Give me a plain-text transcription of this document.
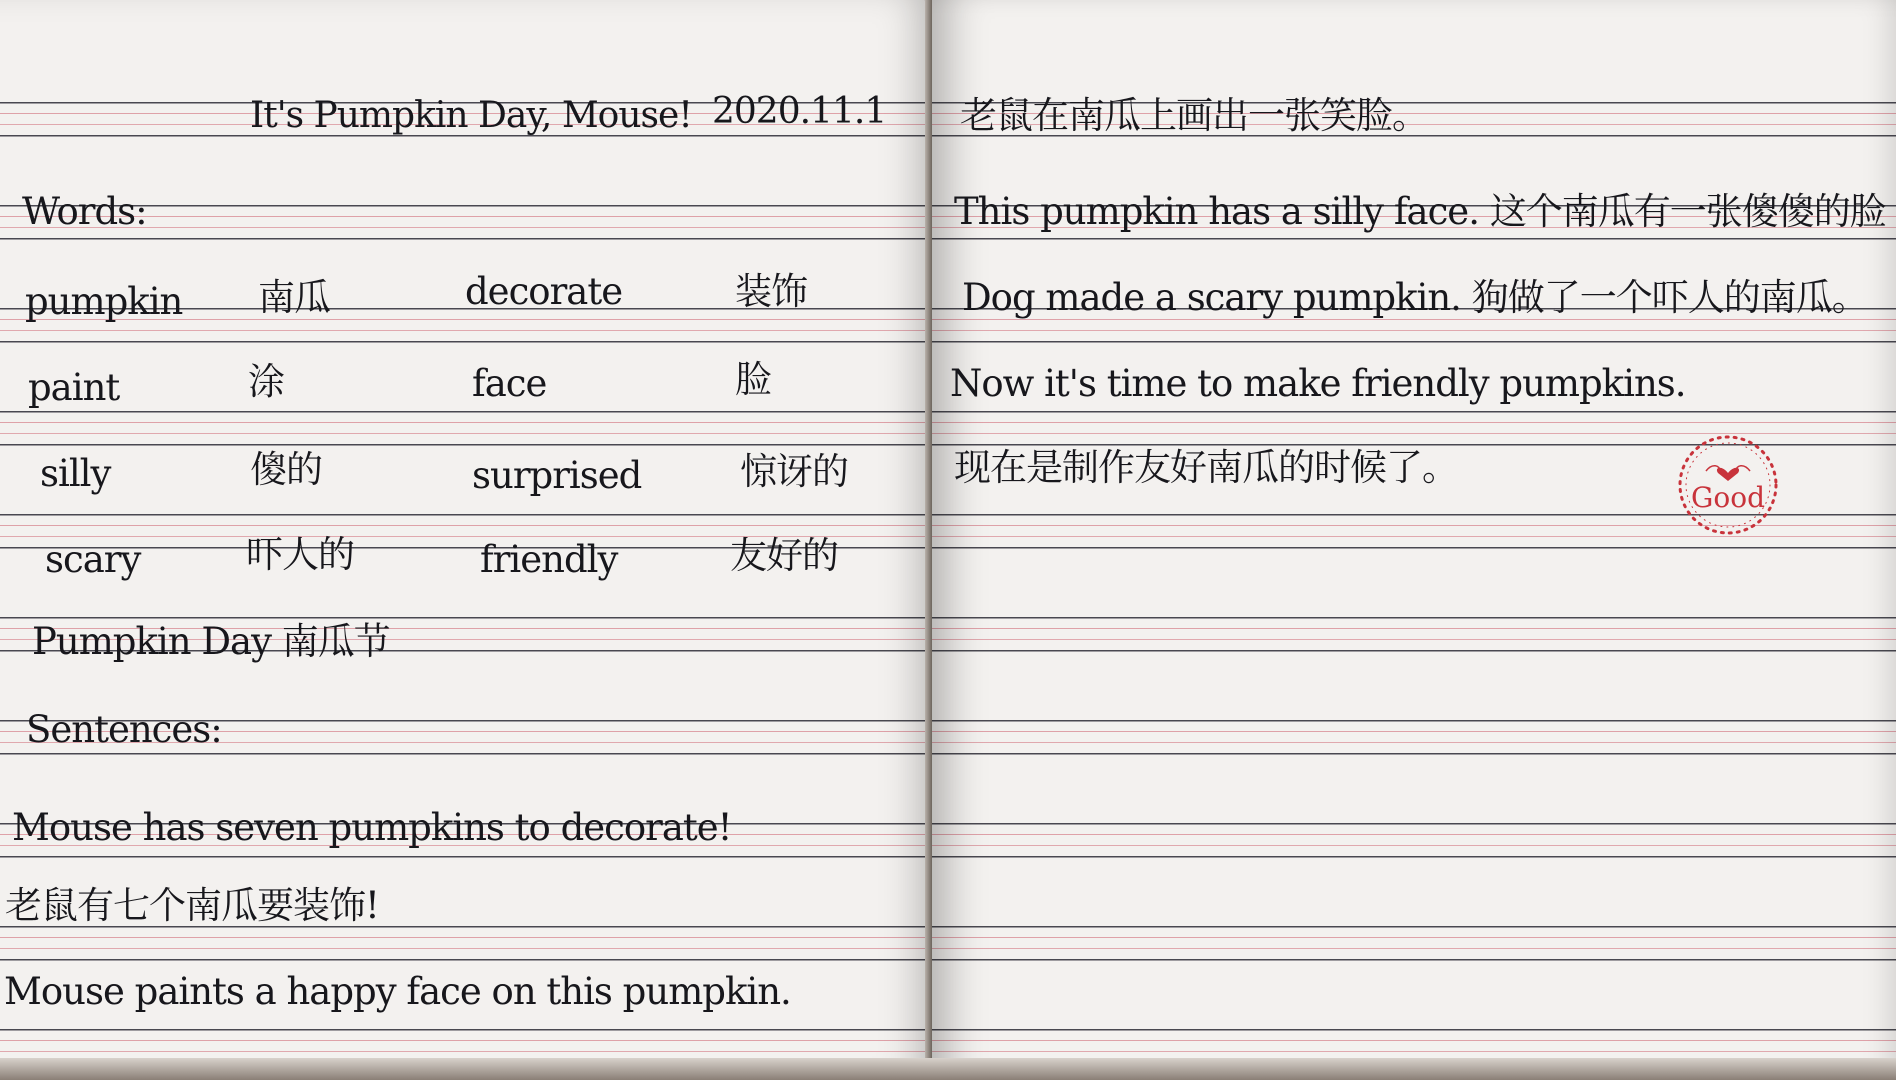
It's Pumpkin Day, Mouse! 2020.11.1
Words:
pumpkin 南瓜	decorate	装饰
paint	涂	face	脸
silly	傻的	surprised	惊讶的
scary	吓人的	friendly	友好的
Pumpkin Day 南瓜节
Sentences:
Mouse has seven pumpkins to decorate!
老鼠有七个南瓜要装饰!
Mouse paints a happy face on this pumpkin.
老鼠在南瓜上画出一张笑脸。
This pumpkin has a silly face. 这个南瓜有一张傻傻的脸
Dog made a scary pumpkin. 狗做了一个吓人的南瓜。
Now it's time to make friendly pumpkins.
现在是制作友好南瓜的时候了。
Good
